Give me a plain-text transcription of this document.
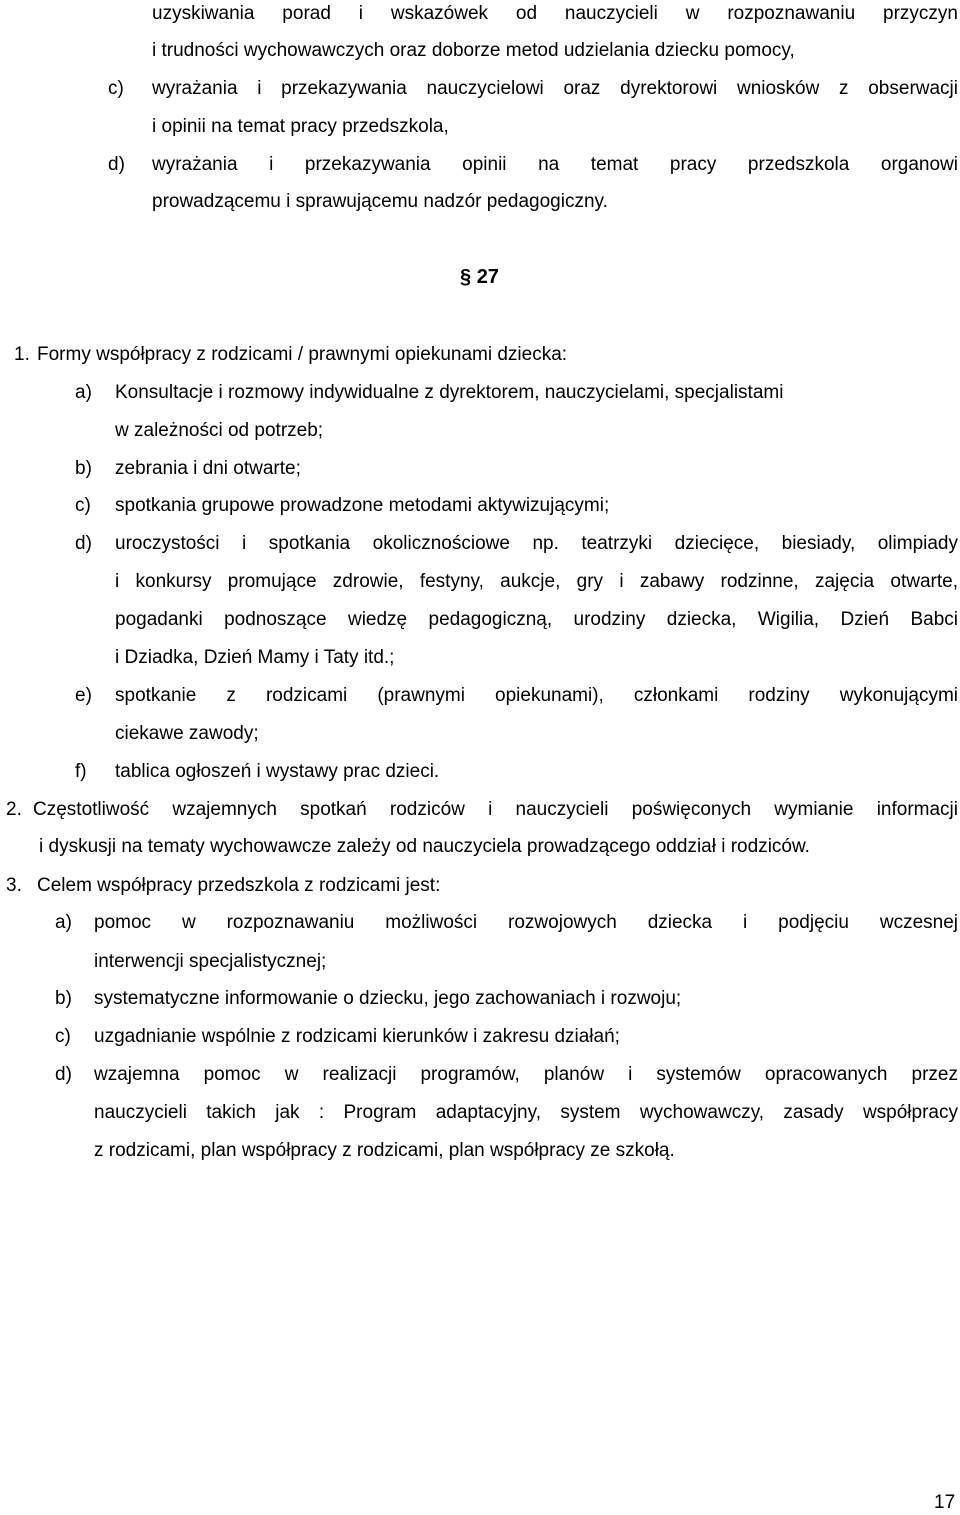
uzyskiwania porad i wskazówek od nauczycieli w rozpoznawaniu przyczyn
i trudności wychowawczych oraz doborze metod udzielania dziecku pomocy,
c) wyrażania i przekazywania nauczycielowi oraz dyrektorowi wniosków z obserwacji
i opinii na temat pracy przedszkola,
d) wyrażania i przekazywania opinii na temat pracy przedszkola organowi
prowadzącemu i sprawującemu nadzór pedagogiczny.
§ 27
1. Formy współpracy z rodzicami / prawnymi opiekunami dziecka:
a) Konsultacje i rozmowy indywidualne z dyrektorem, nauczycielami, specjalistami
w zależności od potrzeb;
b) zebrania i dni otwarte;
c) spotkania grupowe prowadzone metodami aktywizującymi;
d) uroczystości i spotkania okolicznościowe np. teatrzyki dziecięce, biesiady, olimpiady
i konkursy promujące zdrowie, festyny, aukcje, gry i zabawy rodzinne, zajęcia otwarte,
pogadanki podnoszące wiedzę pedagogiczną, urodziny dziecka, Wigilia, Dzień Babci
i Dziadka, Dzień Mamy i Taty itd.;
e) spotkanie z rodzicami (prawnymi opiekunami), członkami rodziny wykonującymi
ciekawe zawody;
f) tablica ogłoszeń i wystawy prac dzieci.
2. Częstotliwość wzajemnych spotkań rodziców i nauczycieli poświęconych wymianie informacji
i dyskusji na tematy wychowawcze zależy od nauczyciela prowadzącego oddział i rodziców.
3. Celem współpracy przedszkola z rodzicami jest:
a) pomoc w rozpoznawaniu możliwości rozwojowych dziecka i podjęciu wczesnej
interwencji specjalistycznej;
b) systematyczne informowanie o dziecku, jego zachowaniach i rozwoju;
c) uzgadnianie wspólnie z rodzicami kierunków i zakresu działań;
d) wzajemna pomoc w realizacji programów, planów i systemów opracowanych przez
nauczycieli takich jak : Program adaptacyjny, system wychowawczy, zasady współpracy
z rodzicami, plan współpracy z rodzicami, plan współpracy ze szkołą.
17
